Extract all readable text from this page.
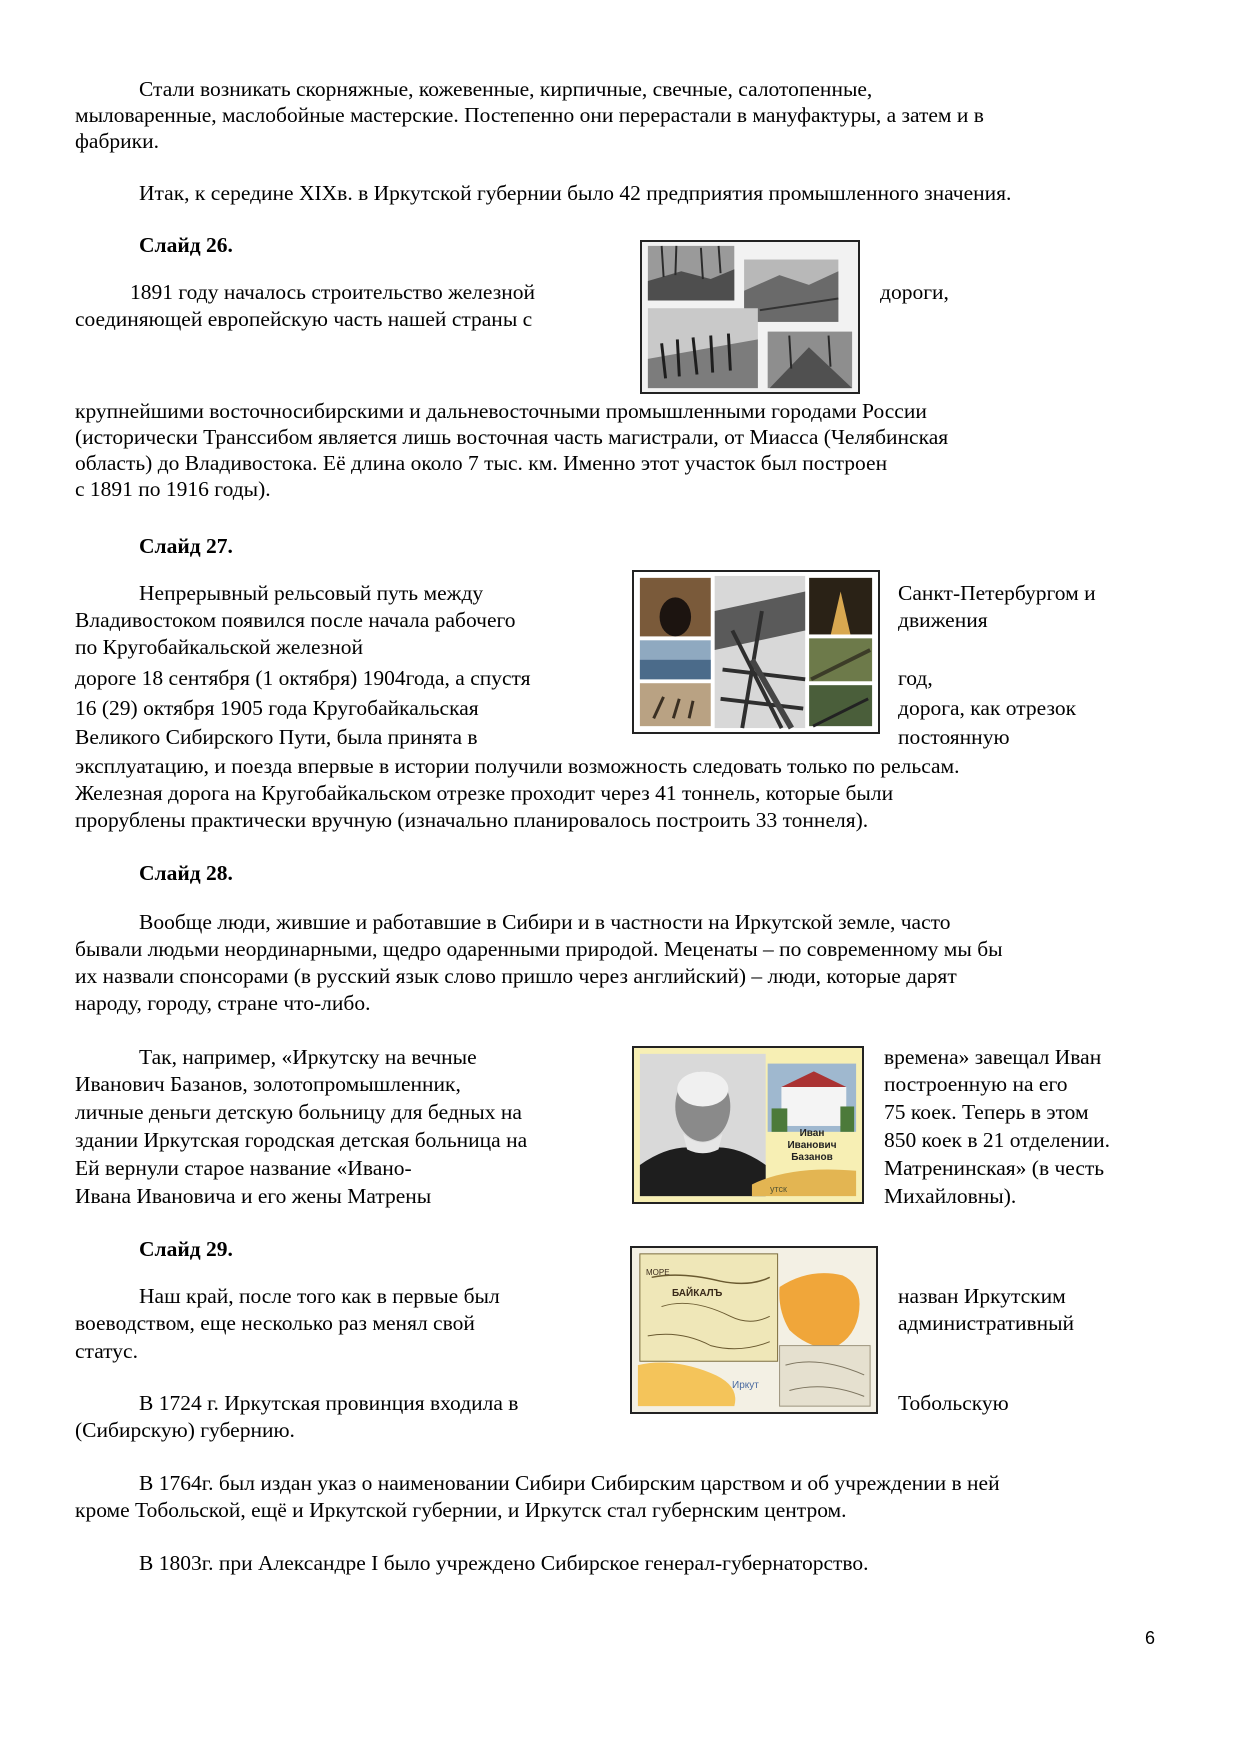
Стали возникать скорняжные, кожевенные, кирпичные, свечные, салотопенные,
мыловаренные, маслобойные мастерские. Постепенно они перерастали в мануфактуры, а затем и в
фабрики.
Итак, к середине XIXв. в Иркутской губернии было 42 предприятия промышленного значения.
Слайд 26.
1891 году началось строительство железной
соединяющей европейскую часть нашей страны с
дороги,
крупнейшими восточносибирскими и дальневосточными промышленными городами России
(исторически Транссибом является лишь восточная часть магистрали, от Миасса (Челябинская
область) до Владивостока. Её длина около 7 тыс. км. Именно этот участок был построен
с 1891 по 1916 годы).
Слайд 27.
Непрерывный рельсовый путь между
Владивостоком появился после начала рабочего
по Кругобайкальской железной
дороге 18 сентября (1 октября) 1904года, а спустя
16 (29) октября 1905 года Кругобайкальская
Великого Сибирского Пути, была принята в
Санкт-Петербургом и
движения
год,
дорога, как отрезок
постоянную
эксплуатацию, и поезда впервые в истории получили возможность следовать только по рельсам.
Железная дорога на Кругобайкальском отрезке проходит через 41 тоннель, которые были
прорублены практически вручную (изначально планировалось построить 33 тоннеля).
Слайд 28.
Вообще люди, жившие и работавшие в Сибири и в частности на Иркутской земле, часто
бывали людьми неординарными, щедро одаренными природой. Меценаты – по современному мы бы
их назвали спонсорами (в русский язык слово пришло через английский) – люди, которые дарят
народу, городу, стране что-либо.
Так, например, «Иркутску на вечные
Иванович Базанов, золотопромышленник,
личные деньги детскую больницу для бедных на
здании Иркутская городская детская больница на
Ей вернули старое название «Ивано-
Ивана Ивановича и его жены Матрены
времена» завещал Иван
построенную на его
75 коек. Теперь в этом
850 коек в 21 отделении.
Матренинская» (в честь
Михайловны).
Иван
Иванович
Базанов
утск
Слайд 29.
Наш край, после того как в первые был
воеводством, еще несколько раз менял свой
статус.
назван Иркутским
административный
МОРЕ
БАЙКАЛЪ
Иркут
В 1724 г. Иркутская провинция входила в	Тобольскую
(Сибирскую) губернию.
В 1764г. был издан указ о наименовании Сибири Сибирским царством и об учреждении в ней
кроме Тобольской, ещё и Иркутской губернии, и Иркутск стал губернским центром.
В 1803г. при Александре I было учреждено Сибирское генерал-губернаторство.
6
